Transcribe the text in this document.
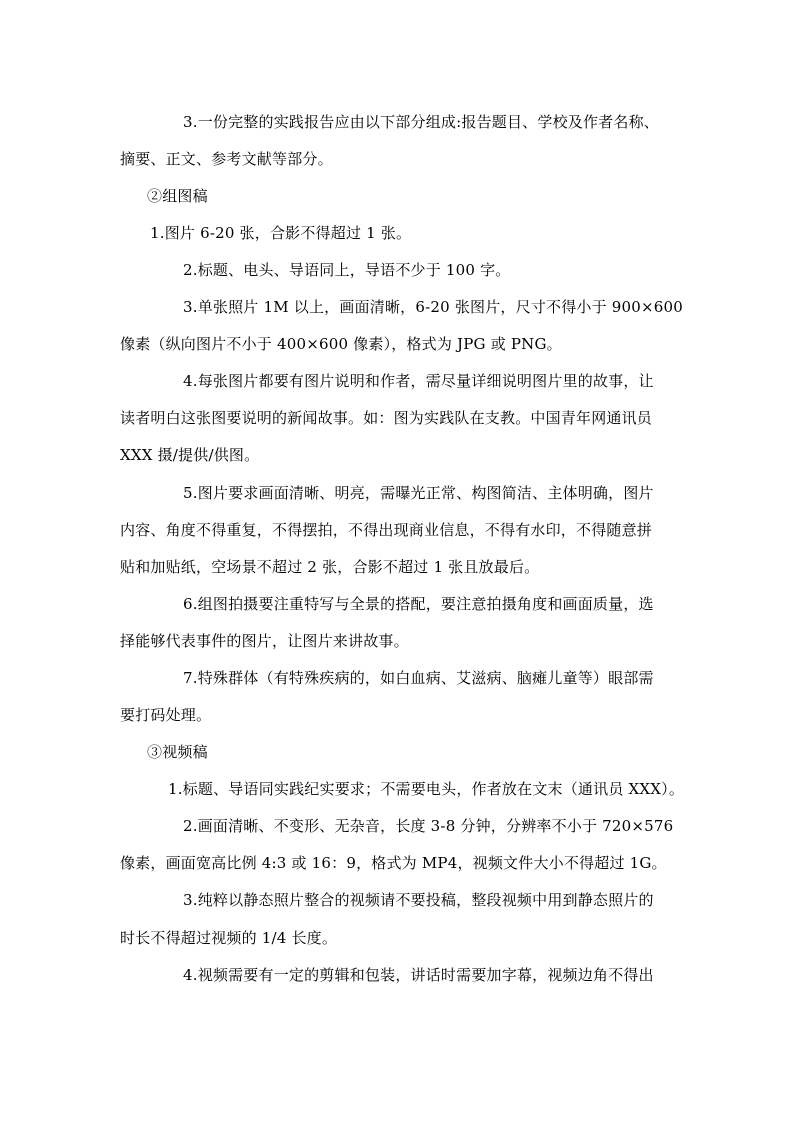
3.一份完整的实践报告应由以下部分组成:报告题目、学校及作者名称、
摘要、正文、参考文献等部分。
②组图稿
1.图片 6-20 张，合影不得超过 1 张。
2.标题、电头、导语同上，导语不少于 100 字。
3.单张照片 1M 以上，画面清晰，6-20 张图片，尺寸不得小于 900×600
像素（纵向图片不小于 400×600 像素），格式为 JPG 或 PNG。
4.每张图片都要有图片说明和作者，需尽量详细说明图片里的故事，让
读者明白这张图要说明的新闻故事。如：图为实践队在支教。中国青年网通讯员
XXX 摄/提供/供图。
5.图片要求画面清晰、明亮，需曝光正常、构图简洁、主体明确，图片
内容、角度不得重复，不得摆拍，不得出现商业信息，不得有水印，不得随意拼
贴和加贴纸，空场景不超过 2 张，合影不超过 1 张且放最后。
6.组图拍摄要注重特写与全景的搭配，要注意拍摄角度和画面质量，选
择能够代表事件的图片，让图片来讲故事。
7.特殊群体（有特殊疾病的，如白血病、艾滋病、脑瘫儿童等）眼部需
要打码处理。
③视频稿
1.标题、导语同实践纪实要求；不需要电头，作者放在文末（通讯员 XXX）。
2.画面清晰、不变形、无杂音，长度 3-8 分钟，分辨率不小于 720×576
像素，画面宽高比例 4:3 或 16：9，格式为 MP4，视频文件大小不得超过 1G。
3.纯粹以静态照片整合的视频请不要投稿，整段视频中用到静态照片的
时长不得超过视频的 1/4 长度。
4.视频需要有一定的剪辑和包装，讲话时需要加字幕，视频边角不得出
